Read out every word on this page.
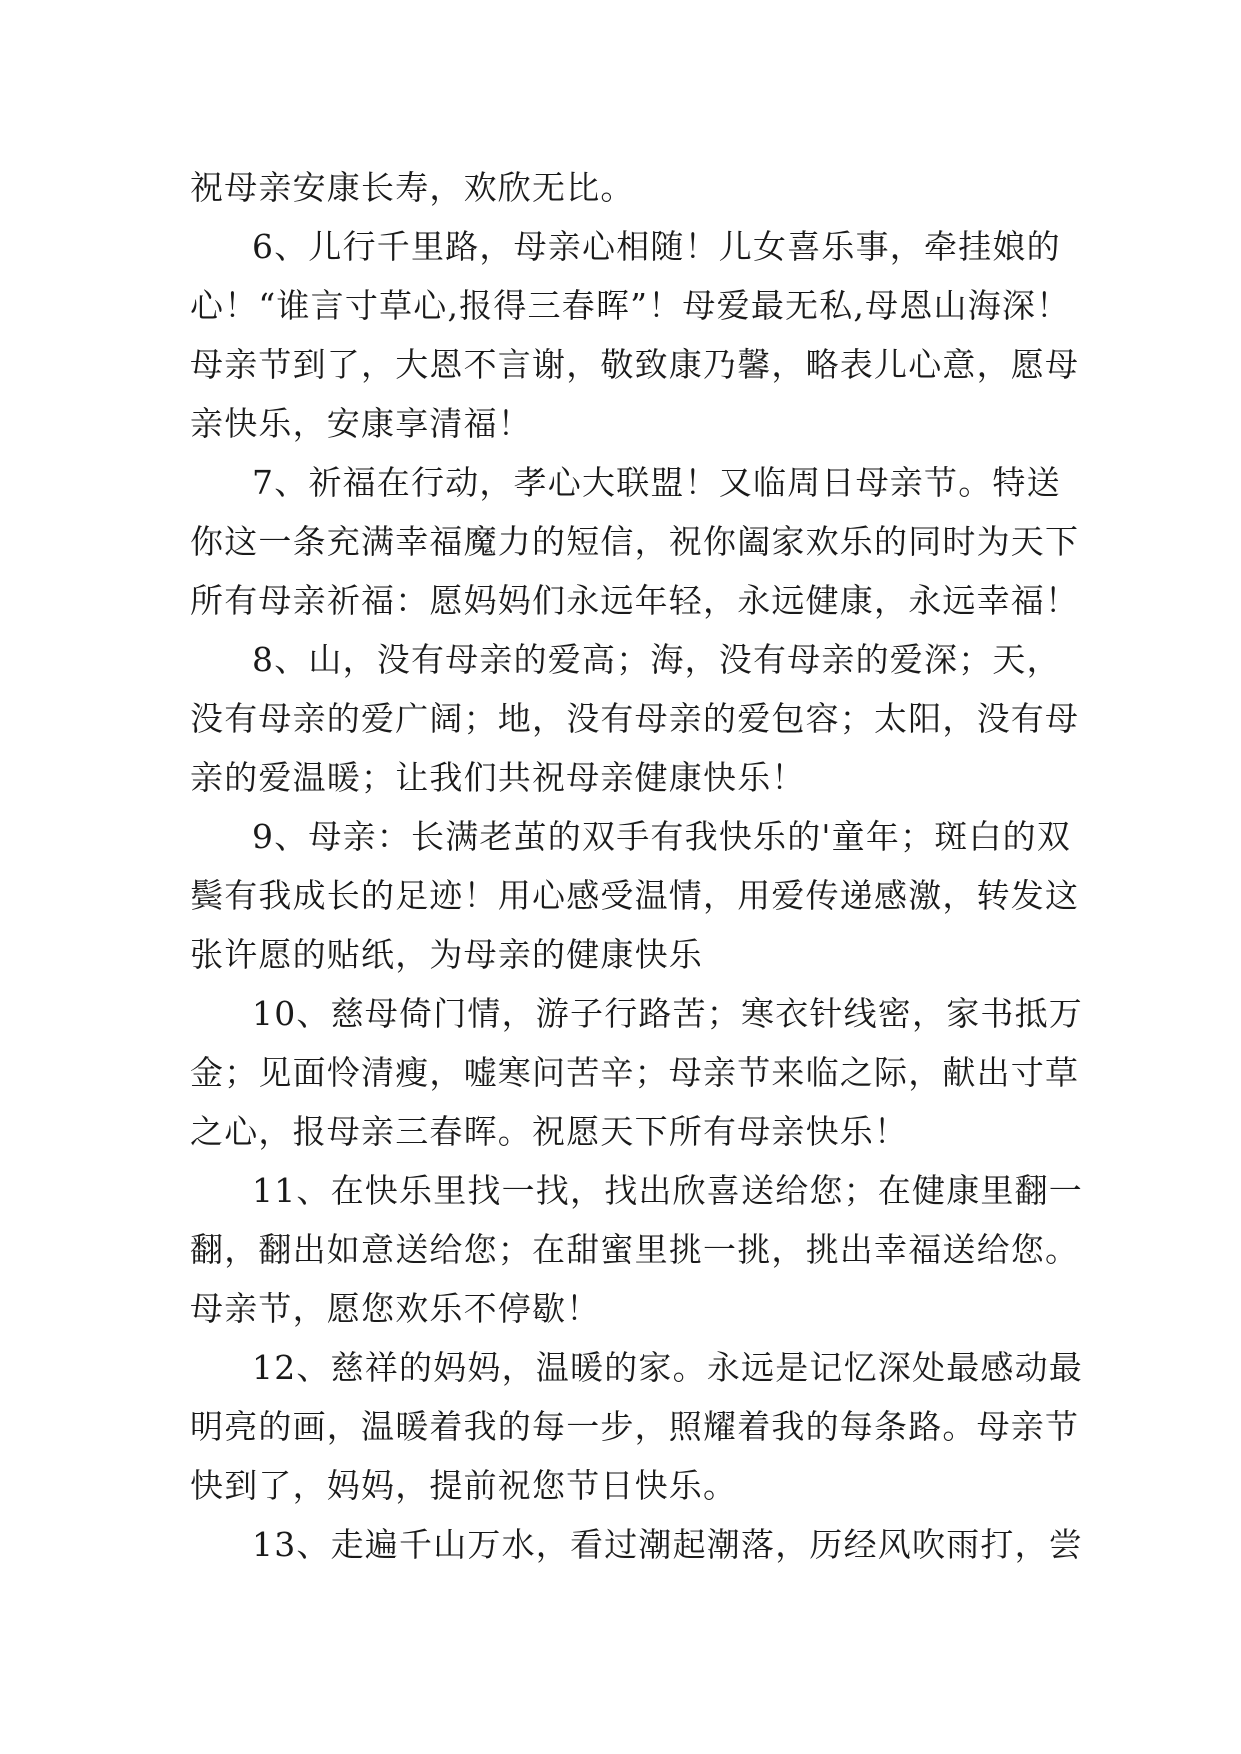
祝母亲安康长寿，欢欣无比。
6、儿行千里路，母亲心相随！儿女喜乐事，牵挂娘的
心！“谁言寸草心,报得三春晖”！母爱最无私,母恩山海深！
母亲节到了，大恩不言谢，敬致康乃馨，略表儿心意，愿母
亲快乐，安康享清福！
7、祈福在行动，孝心大联盟！又临周日母亲节。特送
你这一条充满幸福魔力的短信，祝你阖家欢乐的同时为天下
所有母亲祈福：愿妈妈们永远年轻，永远健康，永远幸福！
8、山，没有母亲的爱高；海，没有母亲的爱深；天，
没有母亲的爱广阔；地，没有母亲的爱包容；太阳，没有母
亲的爱温暖；让我们共祝母亲健康快乐！
9、母亲：长满老茧的双手有我快乐的'童年；斑白的双
鬓有我成长的足迹！用心感受温情，用爱传递感激，转发这
张许愿的贴纸，为母亲的健康快乐
10、慈母倚门情，游子行路苦；寒衣针线密，家书抵万
金；见面怜清瘦，嘘寒问苦辛；母亲节来临之际，献出寸草
之心，报母亲三春晖。祝愿天下所有母亲快乐！
11、在快乐里找一找，找出欣喜送给您；在健康里翻一
翻，翻出如意送给您；在甜蜜里挑一挑，挑出幸福送给您。
母亲节，愿您欢乐不停歇！
12、慈祥的妈妈，温暖的家。永远是记忆深处最感动最
明亮的画，温暖着我的每一步，照耀着我的每条路。母亲节
快到了，妈妈，提前祝您节日快乐。
13、走遍千山万水，看过潮起潮落，历经风吹雨打，尝
